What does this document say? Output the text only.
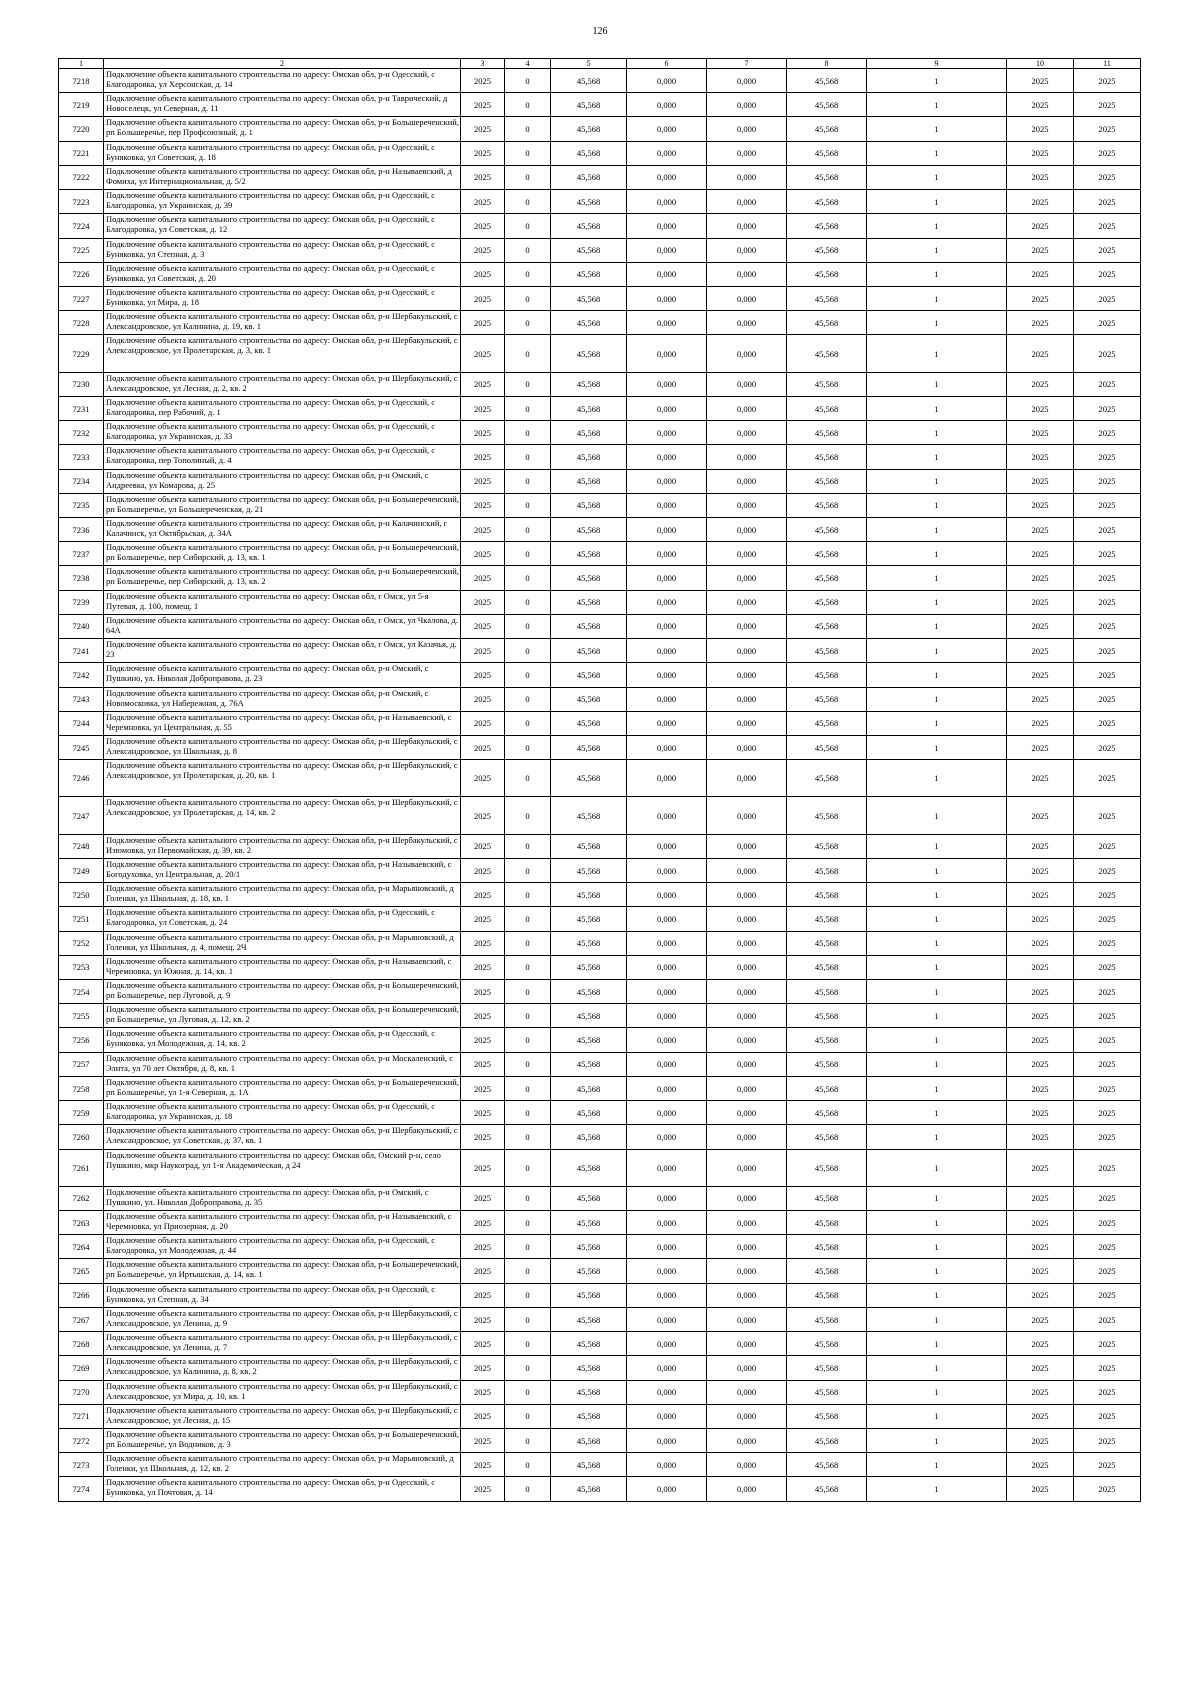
126
1	2	3	4	5	6	7	8	9	10	11
7218	Подключение объекта капитального строительства по адресу: Омская обл, р-н Одесский, с Благодаровка, ул Херсонская, д. 14	2025	0	45,568	0,000	0,000	45,568	1	2025	2025
7219	Подключение объекта капитального строительства по адресу: Омская обл, р-н Таврический, д Новоселецк, ул Северная, д. 11	2025	0	45,568	0,000	0,000	45,568	1	2025	2025
7220	Подключение объекта капитального строительства по адресу: Омская обл, р-н Большереченский, рп Большеречье, пер Профсоюзный, д. 1	2025	0	45,568	0,000	0,000	45,568	1	2025	2025
7221	Подключение объекта капитального строительства по адресу: Омская обл, р-н Одесский, с Буняковка, ул Советская, д. 18	2025	0	45,568	0,000	0,000	45,568	1	2025	2025
7222	Подключение объекта капитального строительства по адресу: Омская обл, р-н Называевский, д Фомиха, ул Интернациональная, д. 5/2	2025	0	45,568	0,000	0,000	45,568	1	2025	2025
7223	Подключение объекта капитального строительства по адресу: Омская обл, р-н Одесский, с Благодаровка, ул Украинская, д. 39	2025	0	45,568	0,000	0,000	45,568	1	2025	2025
7224	Подключение объекта капитального строительства по адресу: Омская обл, р-н Одесский, с Благодаровка, ул Советская, д. 12	2025	0	45,568	0,000	0,000	45,568	1	2025	2025
7225	Подключение объекта капитального строительства по адресу: Омская обл, р-н Одесский, с Буняковка, ул Степная, д. 3	2025	0	45,568	0,000	0,000	45,568	1	2025	2025
7226	Подключение объекта капитального строительства по адресу: Омская обл, р-н Одесский, с Буняковка, ул Советская, д. 20	2025	0	45,568	0,000	0,000	45,568	1	2025	2025
7227	Подключение объекта капитального строительства по адресу: Омская обл, р-н Одесский, с Буняковка, ул Мира, д. 18	2025	0	45,568	0,000	0,000	45,568	1	2025	2025
7228	Подключение объекта капитального строительства по адресу: Омская обл, р-н Шербакульский, с Александровское, ул Калинина, д. 19, кв. 1	2025	0	45,568	0,000	0,000	45,568	1	2025	2025
7229	Подключение объекта капитального строительства по адресу: Омская обл, р-н Шербакульский, с Александровское, ул Пролетарская, д. 3, кв. 1	2025	0	45,568	0,000	0,000	45,568	1	2025	2025
7230	Подключение объекта капитального строительства по адресу: Омская обл, р-н Шербакульский, с Александровское, ул Лесная, д. 2, кв. 2	2025	0	45,568	0,000	0,000	45,568	1	2025	2025
7231	Подключение объекта капитального строительства по адресу: Омская обл, р-н Одесский, с Благодаровка, пер Рабочий, д. 1	2025	0	45,568	0,000	0,000	45,568	1	2025	2025
7232	Подключение объекта капитального строительства по адресу: Омская обл, р-н Одесский, с Благодаровка, ул Украинская, д. 33	2025	0	45,568	0,000	0,000	45,568	1	2025	2025
7233	Подключение объекта капитального строительства по адресу: Омская обл, р-н Одесский, с Благодаровка, пер Тополиный, д. 4	2025	0	45,568	0,000	0,000	45,568	1	2025	2025
7234	Подключение объекта капитального строительства по адресу: Омская обл, р-н Омский, с Андреевка, ул Комарова, д. 25	2025	0	45,568	0,000	0,000	45,568	1	2025	2025
7235	Подключение объекта капитального строительства по адресу: Омская обл, р-н Большереченский, рп Большеречье, ул Большереченская, д. 21	2025	0	45,568	0,000	0,000	45,568	1	2025	2025
7236	Подключение объекта капитального строительства по адресу: Омская обл, р-н Калачинский, г Калачинск, ул Октябрьская, д. 34А	2025	0	45,568	0,000	0,000	45,568	1	2025	2025
7237	Подключение объекта капитального строительства по адресу: Омская обл, р-н Большереченский, рп Большеречье, пер Сибирский, д. 13, кв. 1	2025	0	45,568	0,000	0,000	45,568	1	2025	2025
7238	Подключение объекта капитального строительства по адресу: Омская обл, р-н Большереченский, рп Большеречье, пер Сибирский, д. 13, кв. 2	2025	0	45,568	0,000	0,000	45,568	1	2025	2025
7239	Подключение объекта капитального строительства по адресу: Омская обл, г Омск, ул 5-я Путевая, д. 100, помещ. 1	2025	0	45,568	0,000	0,000	45,568	1	2025	2025
7240	Подключение объекта капитального строительства по адресу: Омская обл, г Омск, ул Чкалова, д. 64А	2025	0	45,568	0,000	0,000	45,568	1	2025	2025
7241	Подключение объекта капитального строительства по адресу: Омская обл, г Омск, ул Казачья, д. 23	2025	0	45,568	0,000	0,000	45,568	1	2025	2025
7242	Подключение объекта капитального строительства по адресу: Омская обл, р-н Омский, с Пушкино, ул. Николая Доброправова, д. 23	2025	0	45,568	0,000	0,000	45,568	1	2025	2025
7243	Подключение объекта капитального строительства по адресу: Омская обл, р-н Омский, с Новомосковка, ул Набережная, д. 76А	2025	0	45,568	0,000	0,000	45,568	1	2025	2025
7244	Подключение объекта капитального строительства по адресу: Омская обл, р-н Называевский, с Черемновка, ул Центральная, д. 55	2025	0	45,568	0,000	0,000	45,568	1	2025	2025
7245	Подключение объекта капитального строительства по адресу: Омская обл, р-н Шербакульский, с Александровское, ул Школьная, д. 8	2025	0	45,568	0,000	0,000	45,568	1	2025	2025
7246	Подключение объекта капитального строительства по адресу: Омская обл, р-н Шербакульский, с Александровское, ул Пролетарская, д. 20, кв. 1	2025	0	45,568	0,000	0,000	45,568	1	2025	2025
7247	Подключение объекта капитального строительства по адресу: Омская обл, р-н Шербакульский, с Александровское, ул Пролетарская, д. 14, кв. 2	2025	0	45,568	0,000	0,000	45,568	1	2025	2025
7248	Подключение объекта капитального строительства по адресу: Омская обл, р-н Шербакульский, с Изюмовка, ул Первомайская, д. 39, кв. 2	2025	0	45,568	0,000	0,000	45,568	1	2025	2025
7249	Подключение объекта капитального строительства по адресу: Омская обл, р-н Называевский, с Богодуховка, ул Центральная, д. 20/1	2025	0	45,568	0,000	0,000	45,568	1	2025	2025
7250	Подключение объекта капитального строительства по адресу: Омская обл, р-н Марьяновский, д Голенки, ул Школьная, д. 18, кв. 1	2025	0	45,568	0,000	0,000	45,568	1	2025	2025
7251	Подключение объекта капитального строительства по адресу: Омская обл, р-н Одесский, с Благодаровка, ул Советская, д. 24	2025	0	45,568	0,000	0,000	45,568	1	2025	2025
7252	Подключение объекта капитального строительства по адресу: Омская обл, р-н Марьяновский, д Голенки, ул Школьная, д. 4, помещ. 2Ч	2025	0	45,568	0,000	0,000	45,568	1	2025	2025
7253	Подключение объекта капитального строительства по адресу: Омская обл, р-н Называевский, с Черемновка, ул Южная, д. 14, кв. 1	2025	0	45,568	0,000	0,000	45,568	1	2025	2025
7254	Подключение объекта капитального строительства по адресу: Омская обл, р-н Большереченский, рп Большеречье, пер Луговой, д. 9	2025	0	45,568	0,000	0,000	45,568	1	2025	2025
7255	Подключение объекта капитального строительства по адресу: Омская обл, р-н Большереченский, рп Большеречье, ул Луговая, д. 12, кв. 2	2025	0	45,568	0,000	0,000	45,568	1	2025	2025
7256	Подключение объекта капитального строительства по адресу: Омская обл, р-н Одесский, с Буняковка, ул Молодежная, д. 14, кв. 2	2025	0	45,568	0,000	0,000	45,568	1	2025	2025
7257	Подключение объекта капитального строительства по адресу: Омская обл, р-н Москаленский, с Элита, ул 70 лет Октября, д. 8, кв. 1	2025	0	45,568	0,000	0,000	45,568	1	2025	2025
7258	Подключение объекта капитального строительства по адресу: Омская обл, р-н Большереченский, рп Большеречье, ул 1-я Северная, д. 1А	2025	0	45,568	0,000	0,000	45,568	1	2025	2025
7259	Подключение объекта капитального строительства по адресу: Омская обл, р-н Одесский, с Благодаровка, ул Украинская, д. 18	2025	0	45,568	0,000	0,000	45,568	1	2025	2025
7260	Подключение объекта капитального строительства по адресу: Омская обл, р-н Шербакульский, с Александровское, ул Советская, д. 37, кв. 1	2025	0	45,568	0,000	0,000	45,568	1	2025	2025
7261	Подключение объекта капитального строительства по адресу: Омская обл, Омский р-н, село Пушкино, мкр Наукоград, ул 1-я Академическая, д 24	2025	0	45,568	0,000	0,000	45,568	1	2025	2025
7262	Подключение объекта капитального строительства по адресу: Омская обл, р-н Омский, с Пушкино, ул. Николая Доброправова, д. 35	2025	0	45,568	0,000	0,000	45,568	1	2025	2025
7263	Подключение объекта капитального строительства по адресу: Омская обл, р-н Называевский, с Черемновка, ул Приозерная, д. 20	2025	0	45,568	0,000	0,000	45,568	1	2025	2025
7264	Подключение объекта капитального строительства по адресу: Омская обл, р-н Одесский, с Благодаровка, ул Молодежная, д. 44	2025	0	45,568	0,000	0,000	45,568	1	2025	2025
7265	Подключение объекта капитального строительства по адресу: Омская обл, р-н Большереченский, рп Большеречье, ул Иртышская, д. 14, кв. 1	2025	0	45,568	0,000	0,000	45,568	1	2025	2025
7266	Подключение объекта капитального строительства по адресу: Омская обл, р-н Одесский, с Буняковка, ул Степная, д. 34	2025	0	45,568	0,000	0,000	45,568	1	2025	2025
7267	Подключение объекта капитального строительства по адресу: Омская обл, р-н Шербакульский, с Александровское, ул Ленина, д. 9	2025	0	45,568	0,000	0,000	45,568	1	2025	2025
7268	Подключение объекта капитального строительства по адресу: Омская обл, р-н Шербакульский, с Александровское, ул Ленина, д. 7	2025	0	45,568	0,000	0,000	45,568	1	2025	2025
7269	Подключение объекта капитального строительства по адресу: Омская обл, р-н Шербакульский, с Александровское, ул Калинина, д. 8, кв. 2	2025	0	45,568	0,000	0,000	45,568	1	2025	2025
7270	Подключение объекта капитального строительства по адресу: Омская обл, р-н Шербакульский, с Александровское, ул Мира, д. 10, кв. 1	2025	0	45,568	0,000	0,000	45,568	1	2025	2025
7271	Подключение объекта капитального строительства по адресу: Омская обл, р-н Шербакульский, с Александровское, ул Лесная, д. 15	2025	0	45,568	0,000	0,000	45,568	1	2025	2025
7272	Подключение объекта капитального строительства по адресу: Омская обл, р-н Большереченский, рп Большеречье, ул Водников, д. 3	2025	0	45,568	0,000	0,000	45,568	1	2025	2025
7273	Подключение объекта капитального строительства по адресу: Омская обл, р-н Марьяновский, д Голенки, ул Школьная, д. 12, кв. 2	2025	0	45,568	0,000	0,000	45,568	1	2025	2025
7274	Подключение объекта капитального строительства по адресу: Омская обл, р-н Одесский, с Буняковка, ул Почтовая, д. 14	2025	0	45,568	0,000	0,000	45,568	1	2025	2025
